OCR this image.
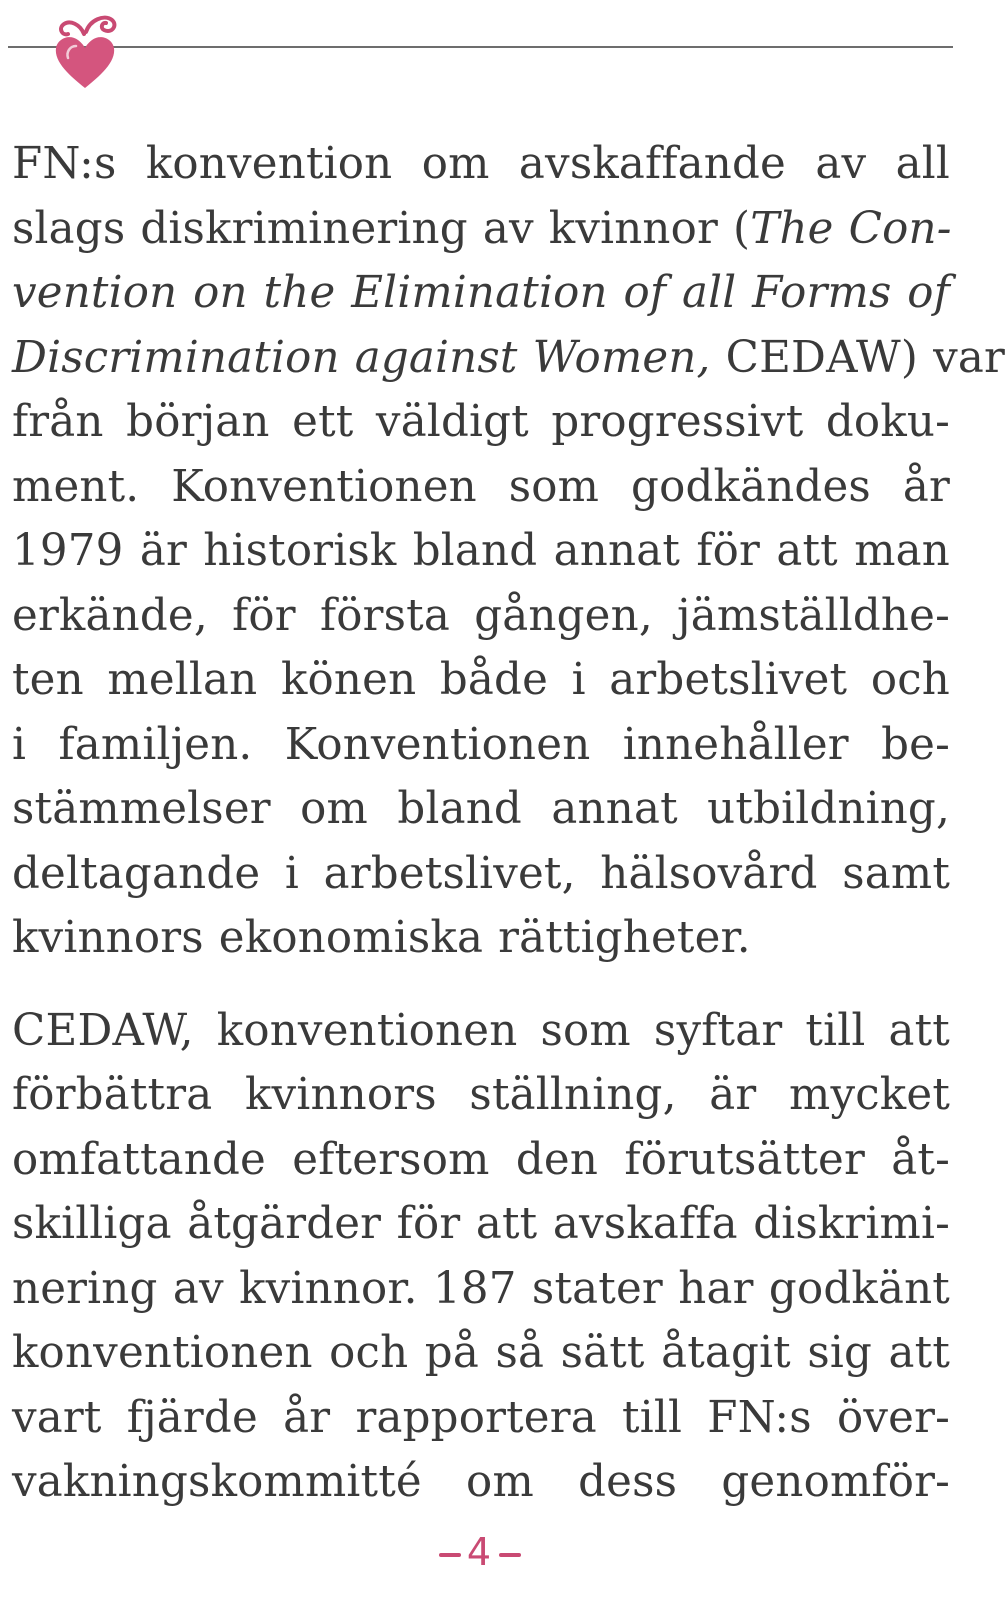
FN:s konvention om avskaffande av all
slags diskriminering av kvinnor (The Con-
vention on the Elimination of all Forms of
Discrimination against Women, CEDAW) var
från början ett väldigt progressivt doku-
ment. Konventionen som godkändes år
1979 är historisk bland annat för att man
erkände, för första gången, jämställdhe-
ten mellan könen både i arbetslivet och
i familjen. Konventionen innehåller be-
stämmelser om bland annat utbildning,
deltagande i arbetslivet, hälsovård samt
kvinnors ekonomiska rättigheter.

CEDAW, konventionen som syftar till att
förbättra kvinnors ställning, är mycket
omfattande eftersom den förutsätter åt-
skilliga åtgärder för att avskaffa diskrimi-
nering av kvinnor. 187 stater har godkänt
konventionen och på så sätt åtagit sig att
vart fjärde år rapportera till FN:s över-
vakningskommitté om dess genomför-

4
